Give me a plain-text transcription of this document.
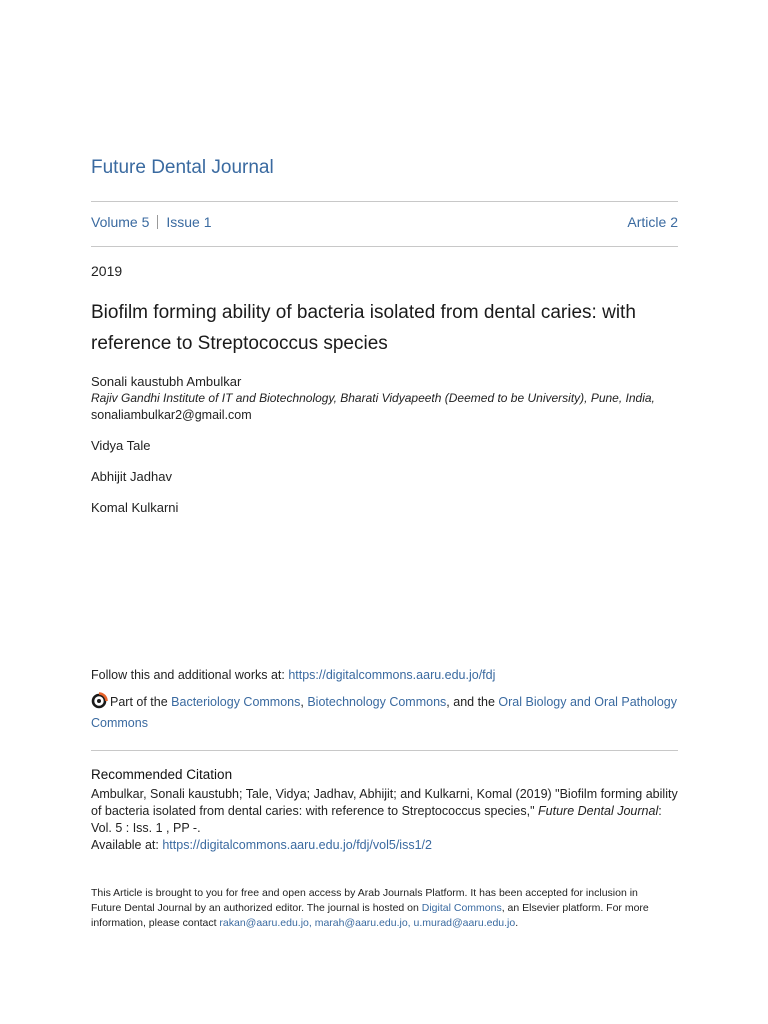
Future Dental Journal
Volume 5 Issue 1	Article 2
2019
Biofilm forming ability of bacteria isolated from dental caries: with reference to Streptococcus species
Sonali kaustubh Ambulkar
Rajiv Gandhi Institute of IT and Biotechnology, Bharati Vidyapeeth (Deemed to be University), Pune, India,
sonaliambulkar2@gmail.com
Vidya Tale
Abhijit Jadhav
Komal Kulkarni
Follow this and additional works at: https://digitalcommons.aaru.edu.jo/fdj
Part of the Bacteriology Commons, Biotechnology Commons, and the Oral Biology and Oral Pathology Commons
Recommended Citation
Ambulkar, Sonali kaustubh; Tale, Vidya; Jadhav, Abhijit; and Kulkarni, Komal (2019) "Biofilm forming ability of bacteria isolated from dental caries: with reference to Streptococcus species," Future Dental Journal: Vol. 5 : Iss. 1 , PP -.
Available at: https://digitalcommons.aaru.edu.jo/fdj/vol5/iss1/2
This Article is brought to you for free and open access by Arab Journals Platform. It has been accepted for inclusion in Future Dental Journal by an authorized editor. The journal is hosted on Digital Commons, an Elsevier platform. For more information, please contact rakan@aaru.edu.jo, marah@aaru.edu.jo, u.murad@aaru.edu.jo.
